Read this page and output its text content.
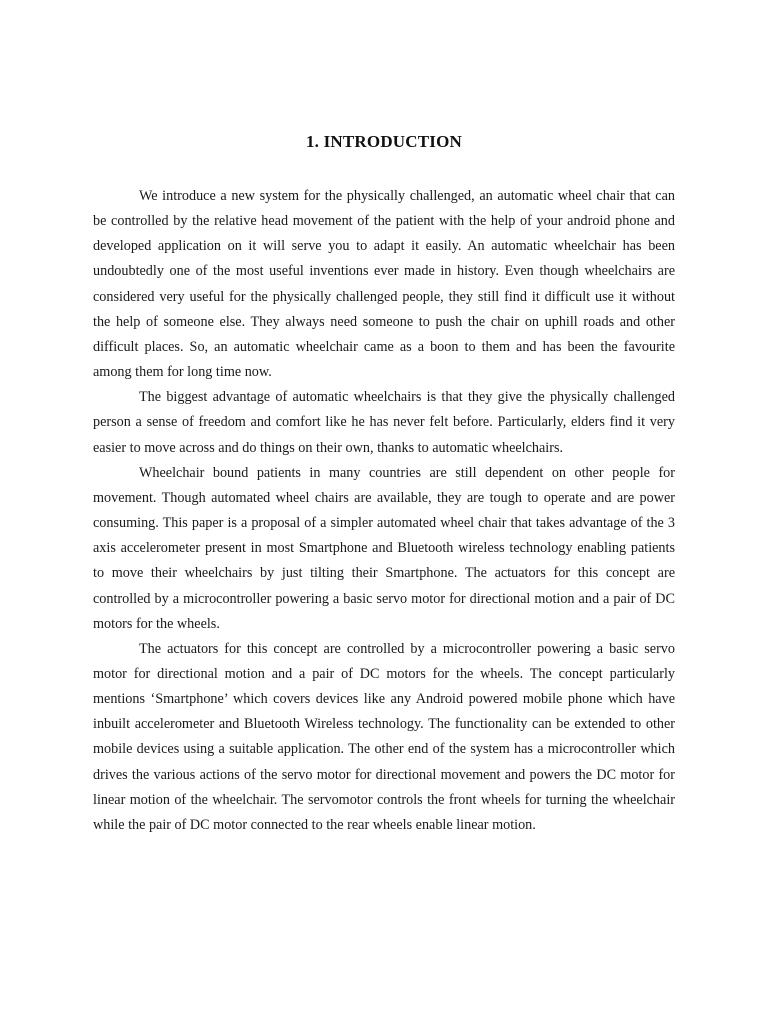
1. INTRODUCTION

We introduce a new system for the physically challenged, an automatic wheel chair that can be controlled by the relative head movement of the patient with the help of your android phone and developed application on it will serve you to adapt it easily. An automatic wheelchair has been undoubtedly one of the most useful inventions ever made in history. Even though wheelchairs are considered very useful for the physically challenged people, they still find it difficult use it without the help of someone else. They always need someone to push the chair on uphill roads and other difficult places. So, an automatic wheelchair came as a boon to them and has been the favourite among them for long time now.

The biggest advantage of automatic wheelchairs is that they give the physically challenged person a sense of freedom and comfort like he has never felt before. Particularly, elders find it very easier to move across and do things on their own, thanks to automatic wheelchairs.

Wheelchair bound patients in many countries are still dependent on other people for movement. Though automated wheel chairs are available, they are tough to operate and are power consuming. This paper is a proposal of a simpler automated wheel chair that takes advantage of the 3 axis accelerometer present in most Smartphone and Bluetooth wireless technology enabling patients to move their wheelchairs by just tilting their Smartphone. The actuators for this concept are controlled by a microcontroller powering a basic servo motor for directional motion and a pair of DC motors for the wheels.

The actuators for this concept are controlled by a microcontroller powering a basic servo motor for directional motion and a pair of DC motors for the wheels. The concept particularly mentions ‘Smartphone’ which covers devices like any Android powered mobile phone which have inbuilt accelerometer and Bluetooth Wireless technology. The functionality can be extended to other mobile devices using a suitable application. The other end of the system has a microcontroller which drives the various actions of the servo motor for directional movement and powers the DC motor for linear motion of the wheelchair. The servomotor controls the front wheels for turning the wheelchair while the pair of DC motor connected to the rear wheels enable linear motion.
